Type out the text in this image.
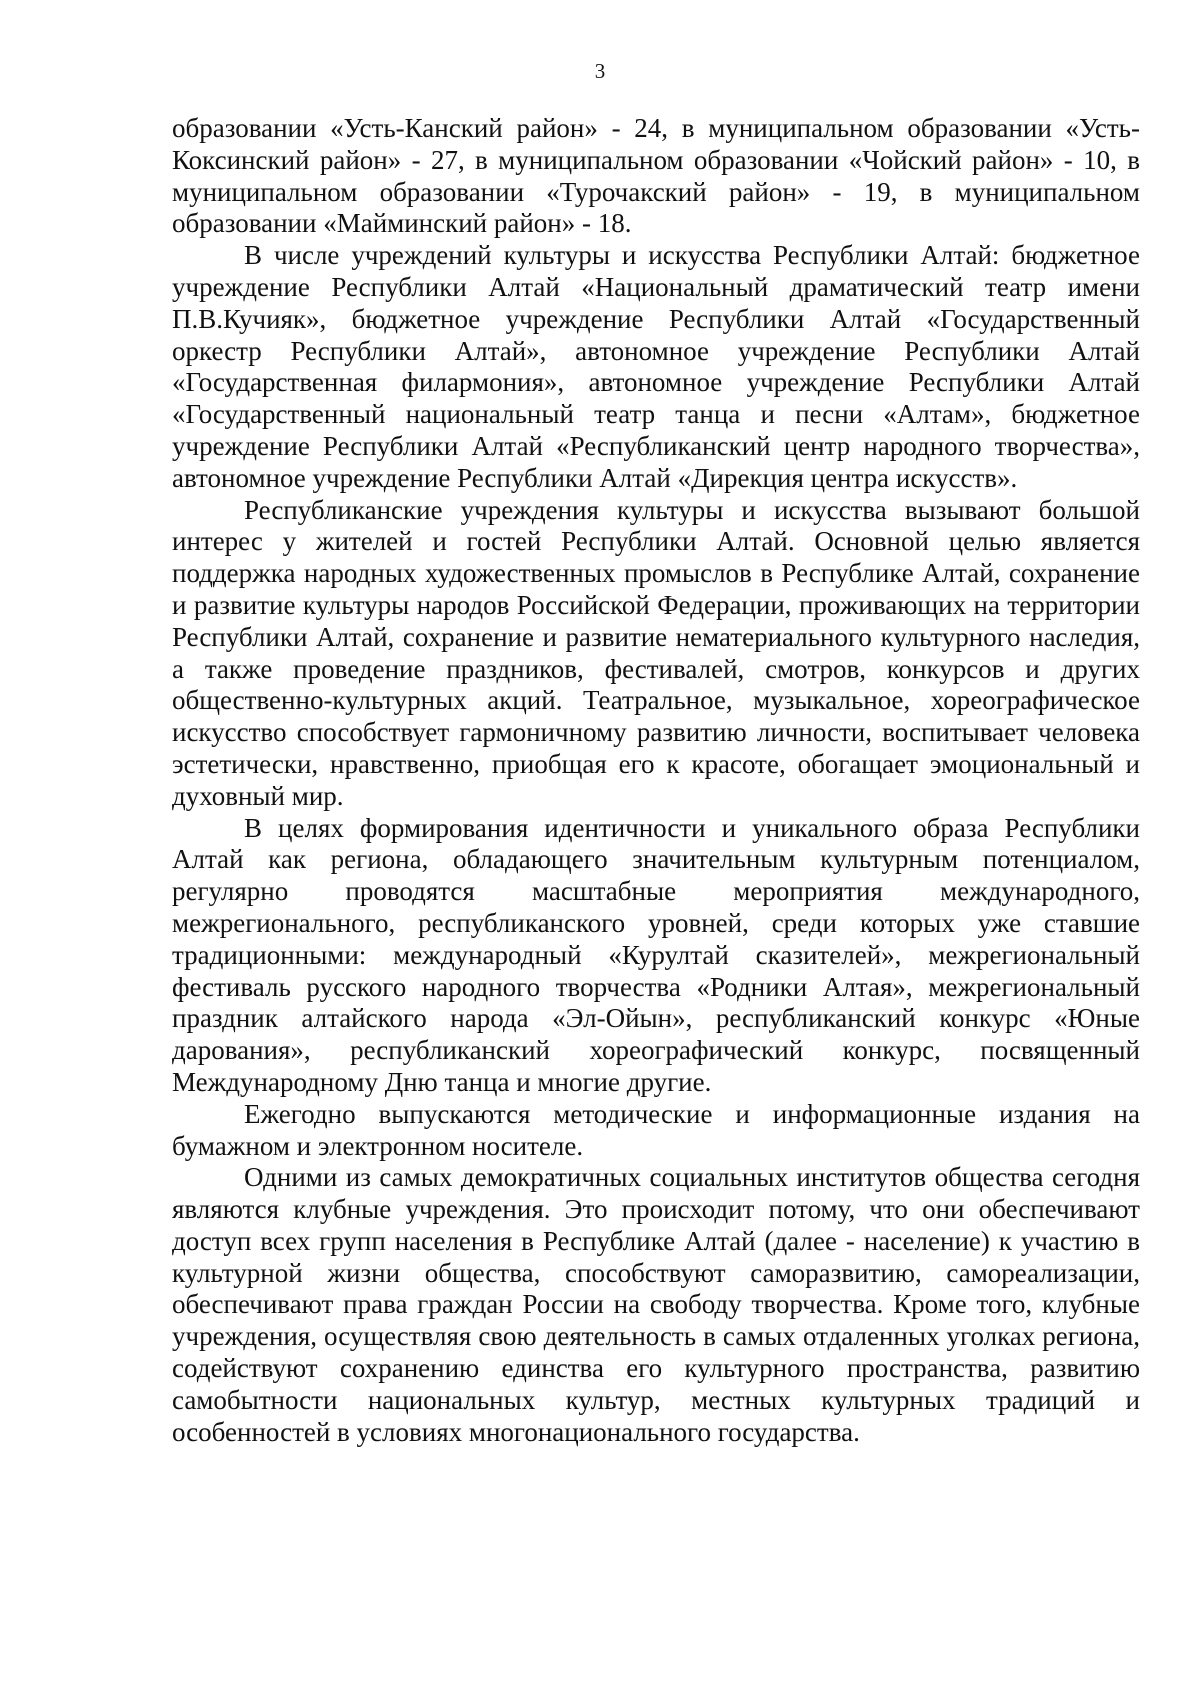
3

образовании «Усть-Канский район» - 24, в муниципальном образовании «Усть-Коксинский район» - 27, в муниципальном образовании «Чойский район» - 10, в муниципальном образовании «Турочакский район» - 19, в муниципальном образовании «Майминский район» - 18.

В числе учреждений культуры и искусства Республики Алтай: бюджетное учреждение Республики Алтай «Национальный драматический театр имени П.В.Кучияк», бюджетное учреждение Республики Алтай «Государственный оркестр Республики Алтай», автономное учреждение Республики Алтай «Государственная филармония», автономное учреждение Республики Алтай «Государственный национальный театр танца и песни «Алтам», бюджетное учреждение Республики Алтай «Республиканский центр народного творчества», автономное учреждение Республики Алтай «Дирекция центра искусств».

Республиканские учреждения культуры и искусства вызывают большой интерес у жителей и гостей Республики Алтай. Основной целью является поддержка народных художественных промыслов в Республике Алтай, сохранение и развитие культуры народов Российской Федерации, проживающих на территории Республики Алтай, сохранение и развитие нематериального культурного наследия, а также проведение праздников, фестивалей, смотров, конкурсов и других общественно-культурных акций. Театральное, музыкальное, хореографическое искусство способствует гармоничному развитию личности, воспитывает человека эстетически, нравственно, приобщая его к красоте, обогащает эмоциональный и духовный мир.

В целях формирования идентичности и уникального образа Республики Алтай как региона, обладающего значительным культурным потенциалом, регулярно проводятся масштабные мероприятия международного, межрегионального, республиканского уровней, среди которых уже ставшие традиционными: международный «Курултай сказителей», межрегиональный фестиваль русского народного творчества «Родники Алтая», межрегиональный праздник алтайского народа «Эл-Ойын», республиканский конкурс «Юные дарования», республиканский хореографический конкурс, посвященный Международному Дню танца и многие другие.

Ежегодно выпускаются методические и информационные издания на бумажном и электронном носителе.

Одними из самых демократичных социальных институтов общества сегодня являются клубные учреждения. Это происходит потому, что они обеспечивают доступ всех групп населения в Республике Алтай (далее - население) к участию в культурной жизни общества, способствуют саморазвитию, самореализации, обеспечивают права граждан России на свободу творчества. Кроме того, клубные учреждения, осуществляя свою деятельность в самых отдаленных уголках региона, содействуют сохранению единства его культурного пространства, развитию самобытности национальных культур, местных культурных традиций и особенностей в условиях многонационального государства.
